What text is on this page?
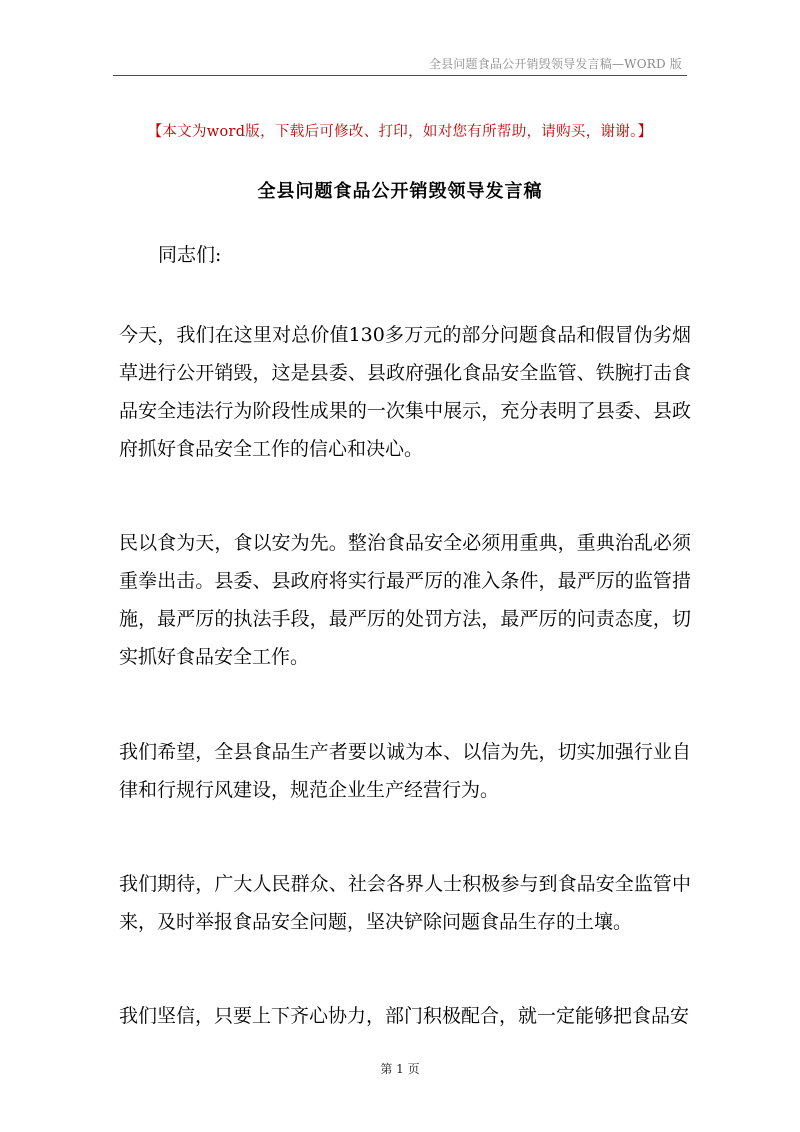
全县问题食品公开销毁领导发言稿—WORD 版
【本文为word版，下载后可修改、打印，如对您有所帮助，请购买，谢谢。】
全县问题食品公开销毁领导发言稿

同志们:

今天，我们在这里对总价值130多万元的部分问题食品和假冒伪劣烟草进行公开销毁，这是县委、县政府强化食品安全监管、铁腕打击食品安全违法行为阶段性成果的一次集中展示，充分表明了县委、县政府抓好食品安全工作的信心和决心。

民以食为天，食以安为先。整治食品安全必须用重典，重典治乱必须重拳出击。县委、县政府将实行最严厉的准入条件，最严厉的监管措施，最严厉的执法手段，最严厉的处罚方法，最严厉的问责态度，切实抓好食品安全工作。

我们希望，全县食品生产者要以诚为本、以信为先，切实加强行业自律和行规行风建设，规范企业生产经营行为。

我们期待，广大人民群众、社会各界人士积极参与到食品安全监管中来，及时举报食品安全问题，坚决铲除问题食品生存的土壤。

我们坚信，只要上下齐心协力，部门积极配合，就一定能够把食品安

第 1 页
